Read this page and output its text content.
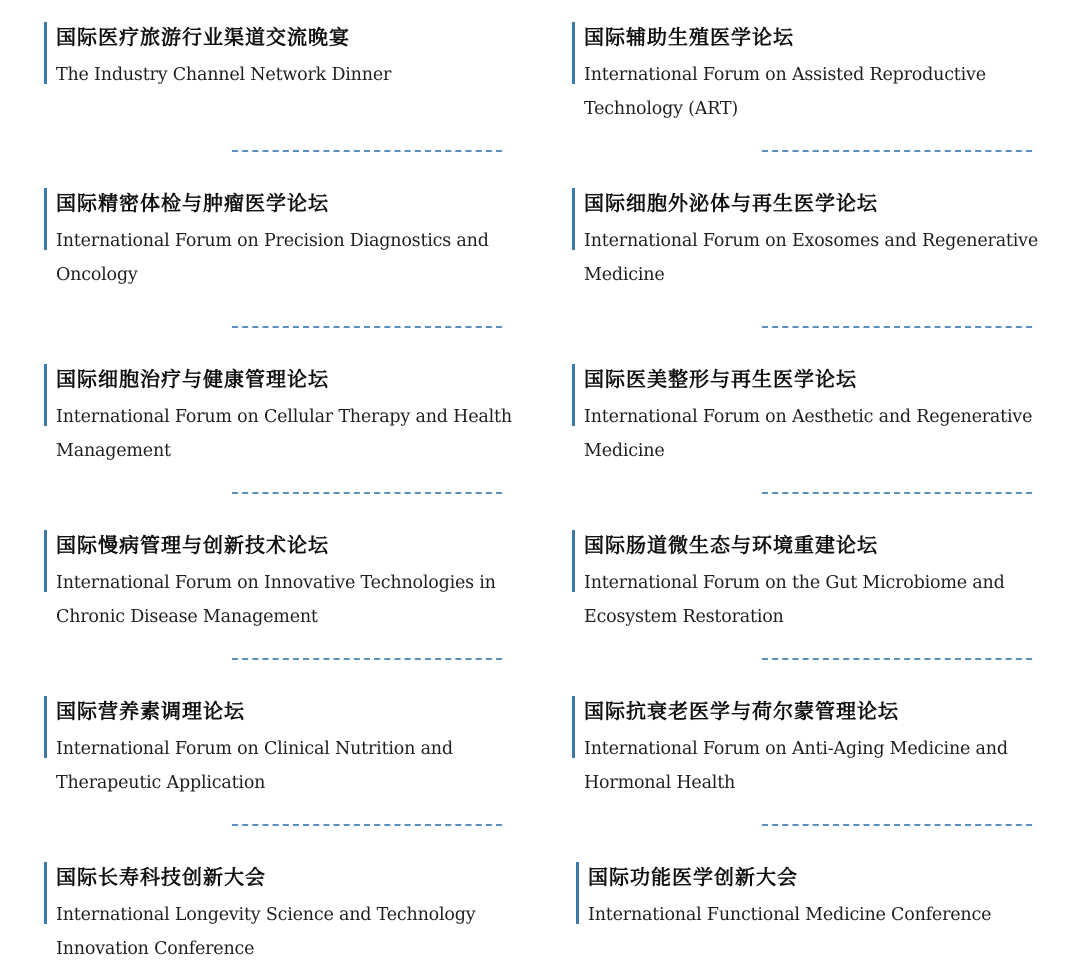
国际医疗旅游行业渠道交流晚宴
The Industry Channel Network Dinner
国际辅助生殖医学论坛
International Forum on Assisted Reproductive Technology (ART)
国际精密体检与肿瘤医学论坛
International Forum on Precision Diagnostics and Oncology
国际细胞外泌体与再生医学论坛
International Forum on Exosomes and Regenerative Medicine
国际细胞治疗与健康管理论坛
International Forum on Cellular Therapy and Health Management
国际医美整形与再生医学论坛
International Forum on Aesthetic and Regenerative Medicine
国际慢病管理与创新技术论坛
International Forum on Innovative Technologies in Chronic Disease Management
国际肠道微生态与环境重建论坛
International Forum on the Gut Microbiome and Ecosystem Restoration
国际营养素调理论坛
International Forum on Clinical Nutrition and Therapeutic Application
国际抗衰老医学与荷尔蒙管理论坛
International Forum on Anti-Aging Medicine and Hormonal Health
国际长寿科技创新大会
International Longevity Science and Technology Innovation Conference
国际功能医学创新大会
International Functional Medicine Conference
